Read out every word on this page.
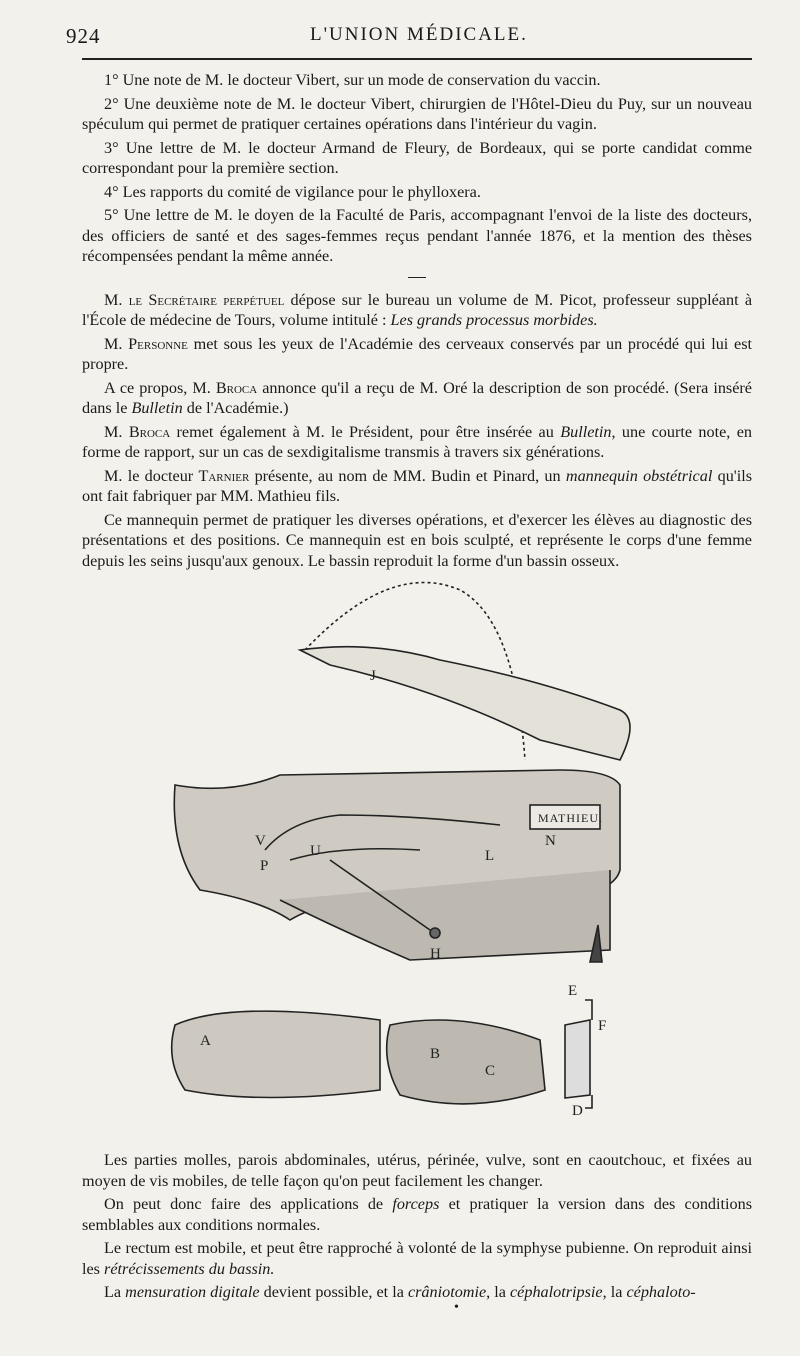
924	L'UNION MÉDICALE.

1° Une note de M. le docteur Vibert, sur un mode de conservation du vaccin.

2° Une deuxième note de M. le docteur Vibert, chirurgien de l'Hôtel-Dieu du Puy, sur un nouveau spéculum qui permet de pratiquer certaines opérations dans l'intérieur du vagin.

3° Une lettre de M. le docteur Armand de Fleury, de Bordeaux, qui se porte candidat comme correspondant pour la première section.

4° Les rapports du comité de vigilance pour le phylloxera.

5° Une lettre de M. le doyen de la Faculté de Paris, accompagnant l'envoi de la liste des docteurs, des officiers de santé et des sages-femmes reçus pendant l'année 1876, et la mention des thèses récompensées pendant la même année.

M. le Secrétaire perpétuel dépose sur le bureau un volume de M. Picot, professeur suppléant à l'École de médecine de Tours, volume intitulé : Les grands processus morbides.

M. Personne met sous les yeux de l'Académie des cerveaux conservés par un procédé qui lui est propre.

A ce propos, M. Broca annonce qu'il a reçu de M. Oré la description de son procédé. (Sera inséré dans le Bulletin de l'Académie.)

M. Broca remet également à M. le Président, pour être insérée au Bulletin, une courte note, en forme de rapport, sur un cas de sexdigitalisme transmis à travers six générations.

M. le docteur Tarnier présente, au nom de MM. Budin et Pinard, un mannequin obstétrical qu'ils ont fait fabriquer par MM. Mathieu fils.

Ce mannequin permet de pratiquer les diverses opérations, et d'exercer les élèves au diagnostic des présentations et des positions. Ce mannequin est en bois sculpté, et représente le corps d'une femme depuis les seins jusqu'aux genoux. Le bassin reproduit la forme d'un bassin osseux.

J
V
U
P
L
N
H
A
B
C
D
E
F
MATHIEU.

Les parties molles, parois abdominales, utérus, périnée, vulve, sont en caoutchouc, et fixées au moyen de vis mobiles, de telle façon qu'on peut facilement les changer.

On peut donc faire des applications de forceps et pratiquer la version dans des conditions semblables aux conditions normales.

Le rectum est mobile, et peut être rapproché à volonté de la symphyse pubienne. On reproduit ainsi les rétrécissements du bassin.

La mensuration digitale devient possible, et la crâniotomie, la céphalotripsie, la céphaloto-

•
